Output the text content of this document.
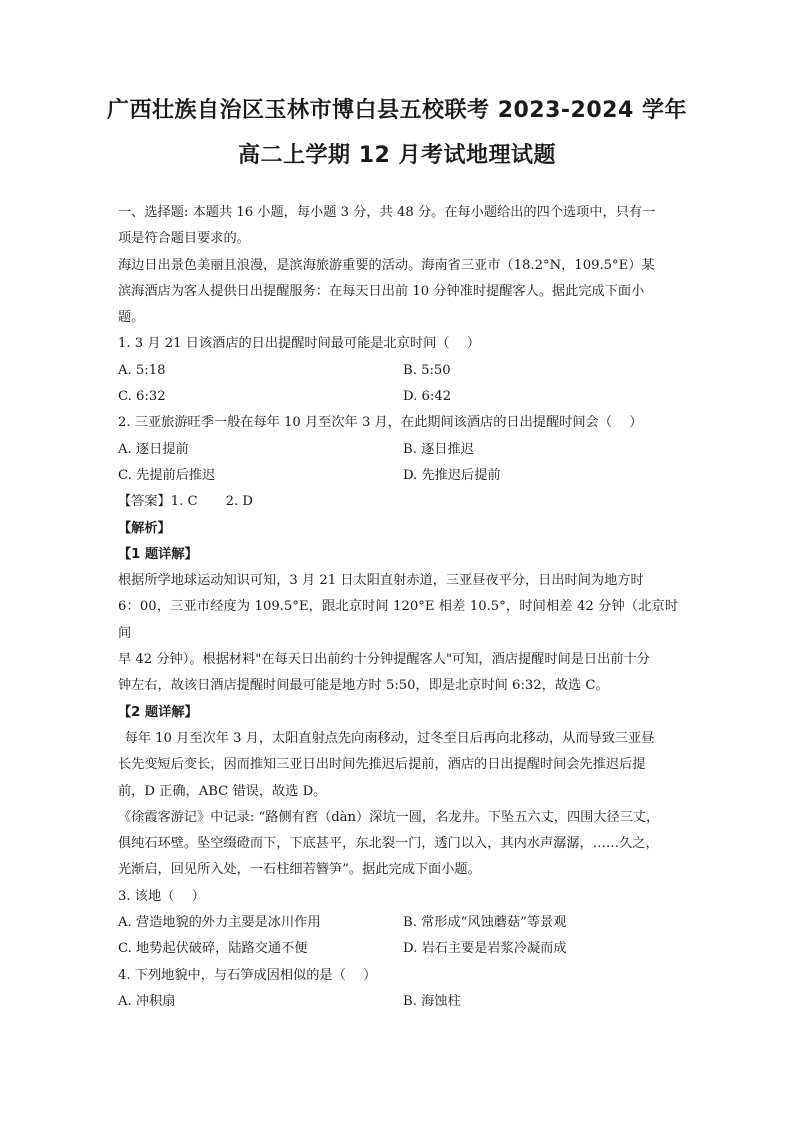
广西壮族自治区玉林市博白县五校联考 2023-2024 学年
高二上学期 12 月考试地理试题

一、选择题: 本题共 16 小题，每小题 3 分，共 48 分。在每小题给出的四个选项中，只有一

项是符合题目要求的。

海边日出景色美丽且浪漫，是滨海旅游重要的活动。海南省三亚市（18.2°N，109.5°E）某

滨海酒店为客人提供日出提醒服务：在每天日出前 10 分钟准时提醒客人。据此完成下面小

题。

1. 3 月 21 日该酒店的日出提醒时间最可能是北京时间（　 ）

A. 5:18	B. 5:50
C. 6:32	D. 6:42

2. 三亚旅游旺季一般在每年 10 月至次年 3 月，在此期间该酒店的日出提醒时间会（　 ）

A. 逐日提前	B. 逐日推迟
C. 先提前后推迟	D. 先推迟后提前

【答案】1. C 2. D

【解析】

【1 题详解】

根据所学地球运动知识可知，3 月 21 日太阳直射赤道，三亚昼夜平分，日出时间为地方时

6：00，三亚市经度为 109.5°E，跟北京时间 120°E 相差 10.5°，时间相差 42 分钟（北京时间

早 42 分钟）。根据材料"在每天日出前约十分钟提醒客人"可知，酒店提醒时间是日出前十分

钟左右，故该日酒店提醒时间最可能是地方时 5:50，即是北京时间 6:32，故选 C。

【2 题详解】

每年 10 月至次年 3 月，太阳直射点先向南移动，过冬至日后再向北移动，从而导致三亚昼

长先变短后变长，因而推知三亚日出时间先推迟后提前，酒店的日出提醒时间会先推迟后提

前，D 正确，ABC 错误，故选 D。

《徐霞客游记》中记录: “路侧有窞（dàn）深坑一圆，名龙井。下坠五六丈，四围大径三丈，

俱纯石环壁。坠空缀磴而下，下底甚平，东北裂一门，透门以入，其内水声潺潺，……久之，

光渐启，回见所入处，一石柱细若簪笋”。据此完成下面小题。

3. 该地（　 ）

A. 营造地貌的外力主要是冰川作用	B. 常形成“风蚀蘑菇”等景观
C. 地势起伏破碎，陆路交通不便	D. 岩石主要是岩浆冷凝而成

4. 下列地貌中，与石笋成因相似的是（　 ）

A. 冲积扇	B. 海蚀柱
